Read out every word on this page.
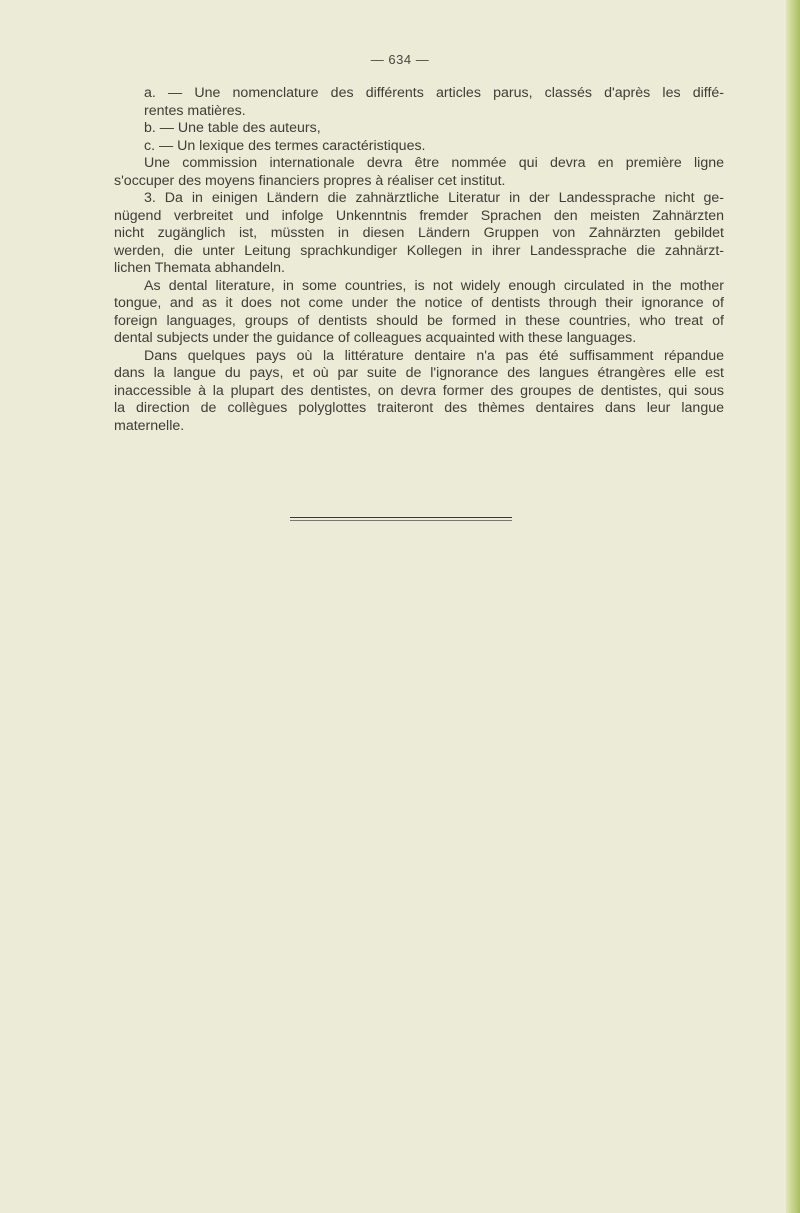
— 634 —
a. — Une nomenclature des différents articles parus, classés d'après les diffé-
rentes matières.
b. — Une table des auteurs,
c. — Un lexique des termes caractéristiques.
Une commission internationale devra être nommée qui devra en première ligne
s'occuper des moyens financiers propres à réaliser cet institut.
3. Da in einigen Ländern die zahnärztliche Literatur in der Landessprache nicht ge-
nügend verbreitet und infolge Unkenntnis fremder Sprachen den meisten Zahnärzten
nicht zugänglich ist, müssten in diesen Ländern Gruppen von Zahnärzten gebildet
werden, die unter Leitung sprachkundiger Kollegen in ihrer Landessprache die zahnärzt-
lichen Themata abhandeln.
As dental literature, in some countries, is not widely enough circulated in the mother
tongue, and as it does not come under the notice of dentists through their ignorance of
foreign languages, groups of dentists should be formed in these countries, who treat of
dental subjects under the guidance of colleagues acquainted with these languages.
Dans quelques pays où la littérature dentaire n'a pas été suffisamment répandue
dans la langue du pays, et où par suite de l'ignorance des langues étrangères elle est
inaccessible à la plupart des dentistes, on devra former des groupes de dentistes, qui sous
la direction de collègues polyglottes traiteront des thèmes dentaires dans leur langue
maternelle.
